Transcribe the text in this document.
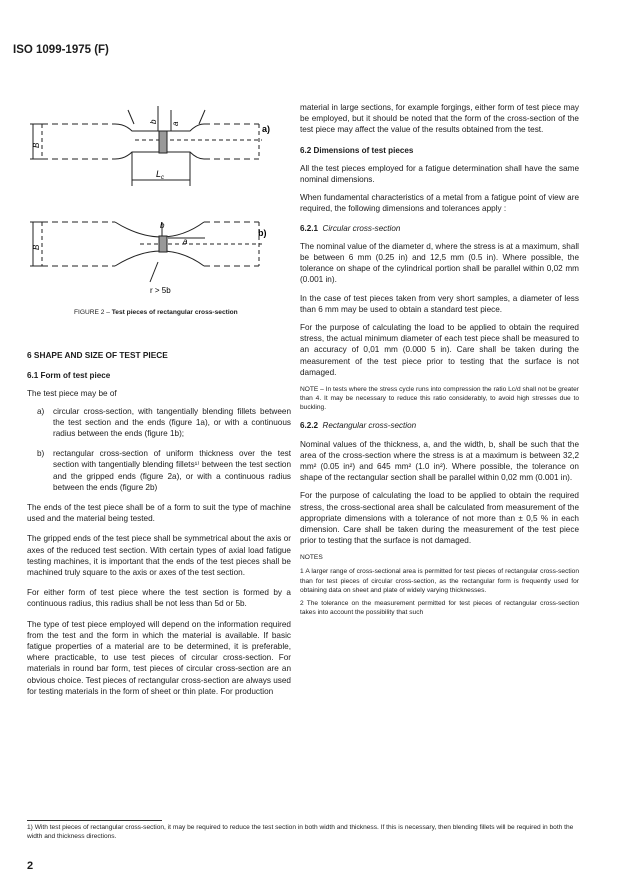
ISO 1099-1975 (F)
a)
b)
B
B
b a
b
a
$L_c$
r > 5b
FIGURE 2 – Test pieces of rectangular cross-section

6 SHAPE AND SIZE OF TEST PIECE

6.1 Form of test piece

The test piece may be of

a)	circular cross-section, with tangentially blending fillets between the test section and the ends (figure 1a), or with a continuous radius between the ends (figure 1b);
b)	rectangular cross-section of uniform thickness over the test section with tangentially blending fillets¹⁾ between the test section and the gripped ends (figure 2a), or with a continuous radius between the ends (figure 2b)

The ends of the test piece shall be of a form to suit the type of machine used and the material being tested.

The gripped ends of the test piece shall be symmetrical about the axis or axes of the reduced test section. With certain types of axial load fatigue testing machines, it is important that the ends of the test pieces shall be machined truly square to the axis or axes of the test section.

For either form of test piece where the test section is formed by a continuous radius, this radius shall be not less than 5d or 5b.

The type of test piece employed will depend on the information required from the test and the form in which the material is available. If basic fatigue properties of a material are to be determined, it is preferable, where practicable, to use test pieces of circular cross-section. For materials in round bar form, test pieces of circular cross-section are an obvious choice. Test pieces of rectangular cross-section are always used for testing materials in the form of sheet or thin plate. For production

material in large sections, for example forgings, either form of test piece may be employed, but it should be noted that the form of the cross-section of the test piece may affect the value of the results obtained from the test.

6.2 Dimensions of test pieces

All the test pieces employed for a fatigue determination shall have the same nominal dimensions.

When fundamental characteristics of a metal from a fatigue point of view are required, the following dimensions and tolerances apply :

6.2.1 Circular cross-section

The nominal value of the diameter d, where the stress is at a maximum, shall be between 6 mm (0.25 in) and 12,5 mm (0.5 in). Where possible, the tolerance on shape of the cylindrical portion shall be parallel within 0,02 mm (0.001 in).

In the case of test pieces taken from very short samples, a diameter of less than 6 mm may be used to obtain a standard test piece.

For the purpose of calculating the load to be applied to obtain the required stress, the actual minimum diameter of each test piece shall be measured to an accuracy of 0,01 mm (0.000 5 in). Care shall be taken during the measurement of the test piece prior to testing that the surface is not damaged.

NOTE – In tests where the stress cycle runs into compression the ratio Lc/d shall not be greater than 4. It may be necessary to reduce this ratio considerably, to avoid high stresses due to buckling.

6.2.2 Rectangular cross-section

Nominal values of the thickness, a, and the width, b, shall be such that the area of the cross-section where the stress is at a maximum is between 32,2 mm² (0.05 in²) and 645 mm² (1.0 in²). Where possible, the tolerance on shape of the rectangular section shall be parallel within 0,02 mm (0.001 in).

For the purpose of calculating the load to be applied to obtain the required stress, the cross-sectional area shall be calculated from measurement of the appropriate dimensions with a tolerance of not more than ± 0,5 % in each dimension. Care shall be taken during the measurement of the test piece prior to testing that the surface is not damaged.

NOTES

1 A larger range of cross-sectional area is permitted for test pieces of rectangular cross-section than for test pieces of circular cross-section, as the rectangular form is frequently used for obtaining data on sheet and plate of widely varying thicknesses.

2 The tolerance on the measurement permitted for test pieces of rectangular cross-section takes into account the possibility that such

1) With test pieces of rectangular cross-section, it may be required to reduce the test section in both width and thickness. If this is necessary, then blending fillets will be required in both the width and thickness directions.
2
